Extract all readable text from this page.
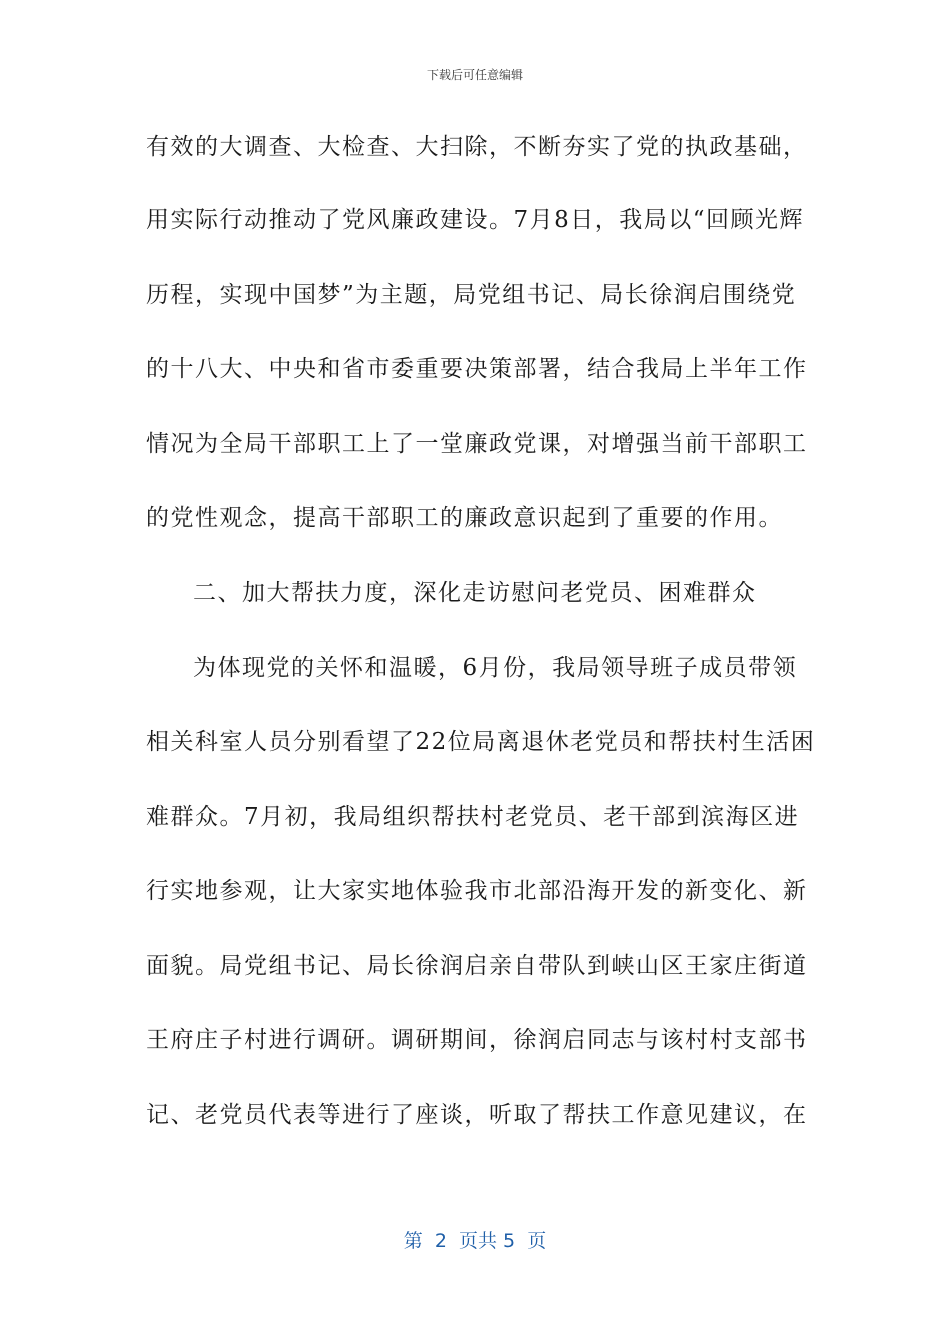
下载后可任意编辑
有效的大调查、大检查、大扫除，不断夯实了党的执政基础，
用实际行动推动了党风廉政建设。7月8日，我局以“回顾光辉
历程，实现中国梦”为主题，局党组书记、局长徐润启围绕党
的十八大、中央和省市委重要决策部署，结合我局上半年工作
情况为全局干部职工上了一堂廉政党课，对增强当前干部职工
的党性观念，提高干部职工的廉政意识起到了重要的作用。
二、加大帮扶力度，深化走访慰问老党员、困难群众
为体现党的关怀和温暖，6月份，我局领导班子成员带领
相关科室人员分别看望了22位局离退休老党员和帮扶村生活困
难群众。7月初，我局组织帮扶村老党员、老干部到滨海区进
行实地参观，让大家实地体验我市北部沿海开发的新变化、新
面貌。局党组书记、局长徐润启亲自带队到峡山区王家庄街道
王府庄子村进行调研。调研期间，徐润启同志与该村村支部书
记、老党员代表等进行了座谈，听取了帮扶工作意见建议，在
第  2  页共 5  页
